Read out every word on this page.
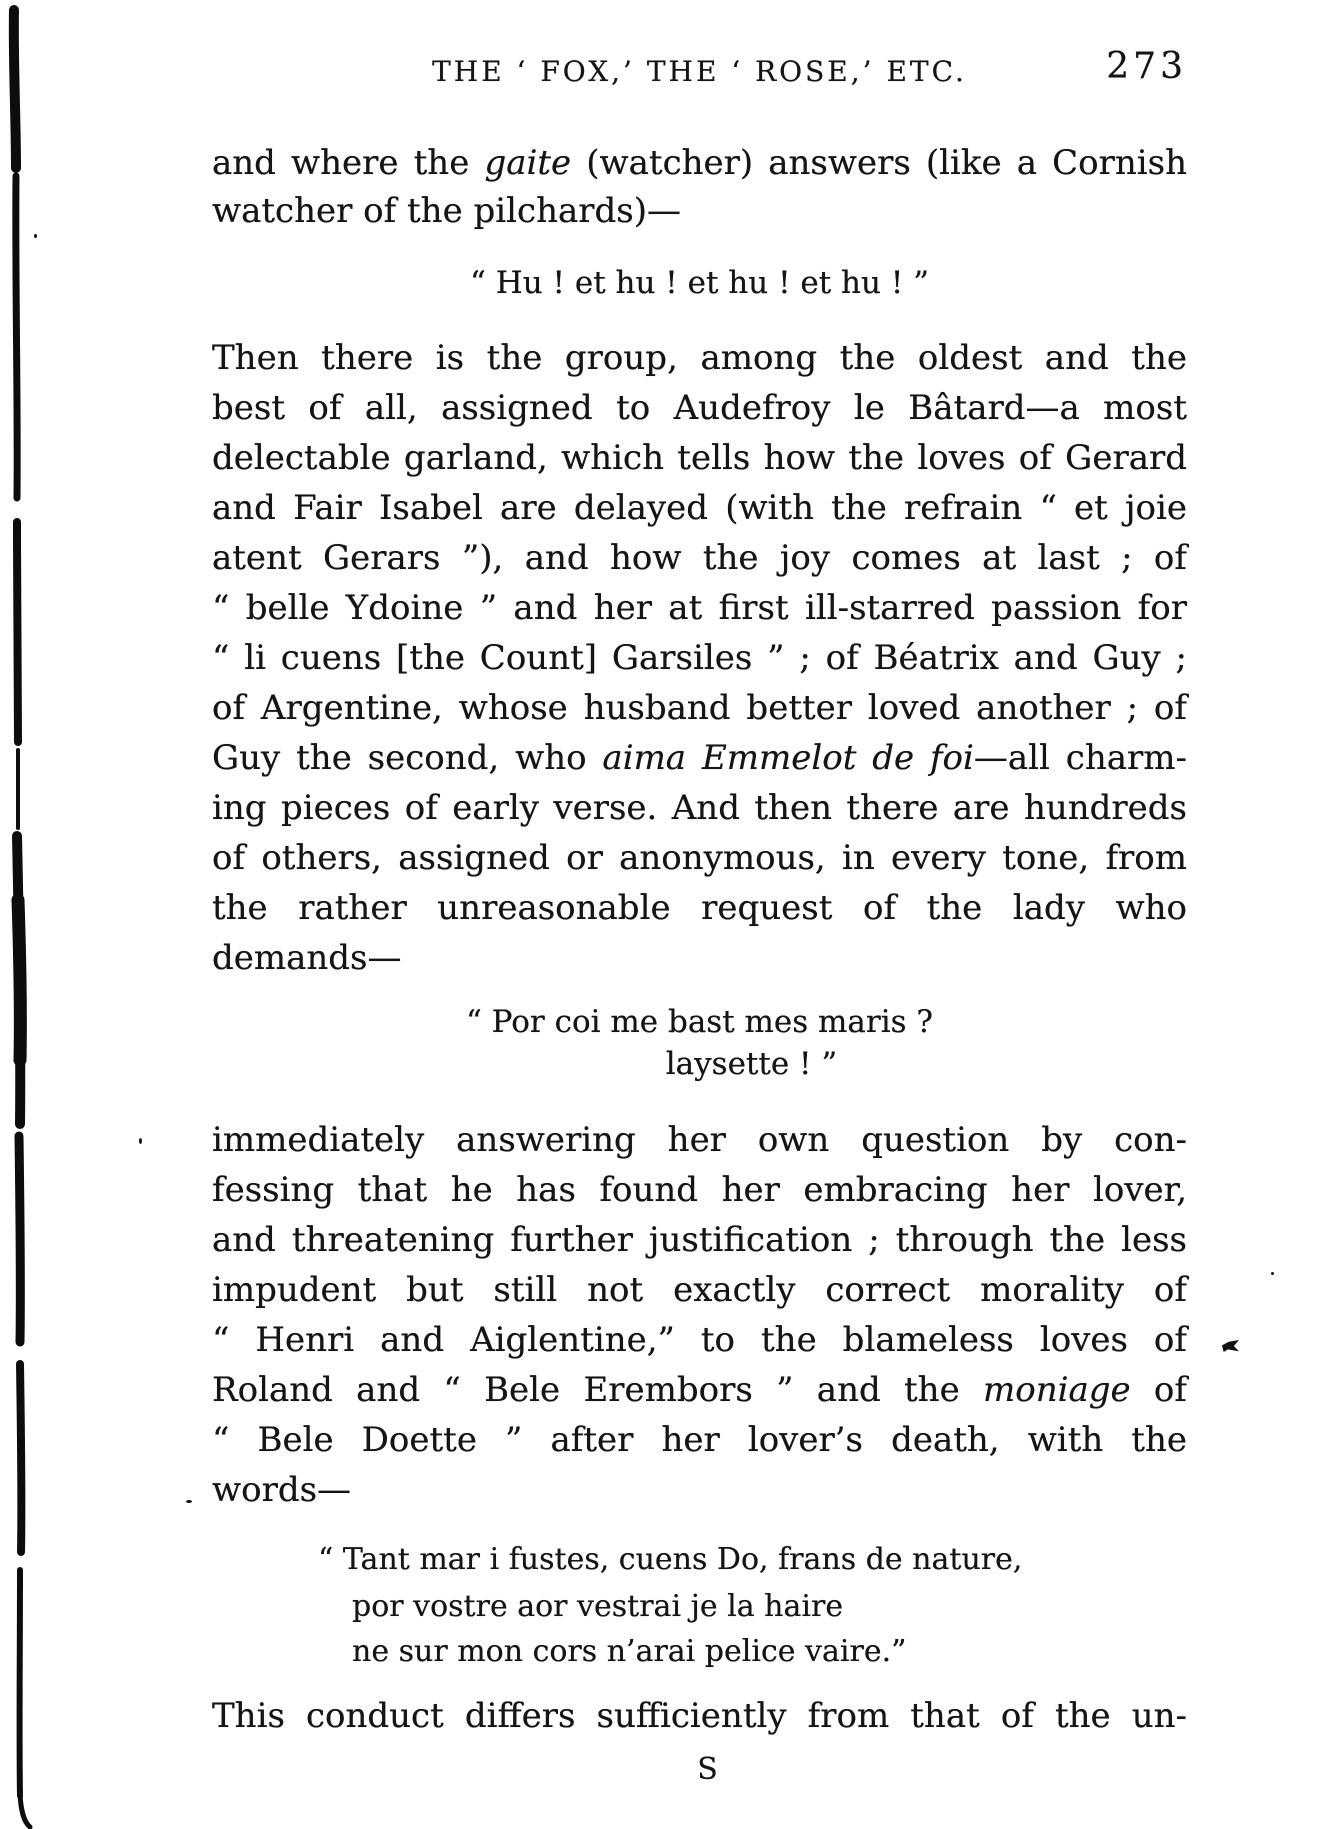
THE ‘ FOX,’ THE ‘ ROSE,’ ETC.	273
and where the gaite (watcher) answers (like a Cornish
watcher of the pilchards)—
“ Hu ! et hu ! et hu ! et hu ! ”
Then there is the group, among the oldest and the
best of all, assigned to Audefroy le Bâtard—a most
delectable garland, which tells how the loves of Gerard
and Fair Isabel are delayed (with the refrain “ et joie
atent Gerars ”), and how the joy comes at last ; of
“ belle Ydoine ” and her at first ill-starred passion for
“ li cuens [the Count] Garsiles ” ; of Béatrix and Guy ;
of Argentine, whose husband better loved another ; of
Guy the second, who aima Emmelot de foi—all charm-
ing pieces of early verse. And then there are hundreds
of others, assigned or anonymous, in every tone, from
the rather unreasonable request of the lady who
demands—
“ Por coi me bast mes maris ?
laysette ! ”
immediately answering her own question by con-
fessing that he has found her embracing her lover,
and threatening further justification ; through the less
impudent but still not exactly correct morality of
“ Henri and Aiglentine,” to the blameless loves of
Roland and “ Bele Erembors ” and the moniage of
“ Bele Doette ” after her lover’s death, with the
words—
“ Tant mar i fustes, cuens Do, frans de nature,
por vostre aor vestrai je la haire
ne sur mon cors n’arai pelice vaire.”
This conduct differs sufficiently from that of the un-
S
